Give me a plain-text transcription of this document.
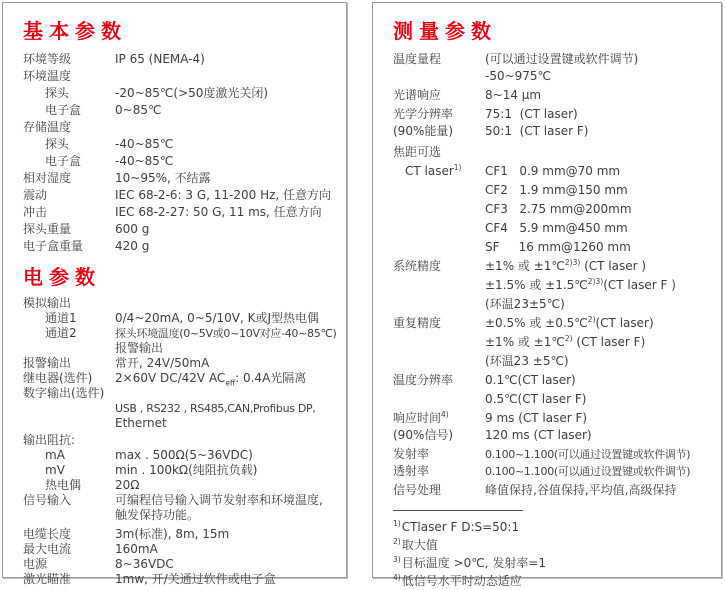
基本参数
环境等级	IP 65 (NEMA-4)
环境温度
探头	-20~85℃(>50度激光关闭)
电子盒	0~85℃
存储温度
探头	-40~85℃
电子盒	-40~85℃
相对湿度	10~95%, 不结露
震动	IEC 68-2-6: 3 G, 11-200 Hz, 任意方向
冲击	IEC 68-2-27: 50 G, 11 ms, 任意方向
探头重量	600 g
电子盒重量	420 g
电参数
模拟输出
通道1	0/4~20mA, 0~5/10V, K或J型热电偶
通道2	探头环境温度(0~5V或0~10V对应-40~85℃)
报警输出
报警输出	常开, 24V/50mA
继电器(选件)	2×60V DC/42V $AC_{eff}$: 0.4A光隔离
数字输出(选件)
USB , RS232 , RS485,CAN,Profibus DP,
Ethernet
输出阻抗:
mA	max . 500Ω(5~36VDC)
mV	min . 100kΩ(纯阻抗负载)
热电偶	20Ω
信号输入	可编程信号输入调节发射率和环境温度,
触发保持功能。
电缆长度	3m(标准), 8m, 15m
最大电流	160mA
电源	8~36VDC
激光瞄准	1mw, 开/关通过软件或电子盒
测量参数
温度量程	(可以通过设置键或软件调节)
-50~975℃
光谱响应	8~14 μm
光学分辨率	75:1  (CT laser)
(90%能量)	50:1  (CT laser F)
焦距可选
CT laser$^{1)}$	CF1   0.9 mm@70 mm
CF2   1.9 mm@150 mm
CF3   2.75 mm@200mm
CF4   5.9 mm@450 mm
SF     16 mm@1260 mm
系统精度	±1% 或 ±1℃$^{2)3)}$ (CT laser )
±1.5% 或 ±1.5℃$^{2)3)}$(CT laser F )
(环温23±5℃)
重复精度	±0.5% 或 ±0.5℃$^{2)}$(CT laser)
±1% 或 ±1℃$^{2)}$ (CT laser F)
(环温23 ±5℃)
温度分辨率	0.1℃(CT laser)
0.5℃(CT laser F)
响应时间$^{4)}$	9 ms (CT laser F)
(90%信号)	120 ms (CT laser)
发射率	0.100~1.100(可以通过设置键或软件调节)
透射率	0.100~1.100(可以通过设置键或软件调节)
信号处理	峰值保持,谷值保持,平均值,高级保持
$^{1)}$CTlaser F D:S=50:1
$^{2)}$取大值
$^{3)}$目标温度 >0℃, 发射率=1
$^{4)}$低信号水平时动态适应
